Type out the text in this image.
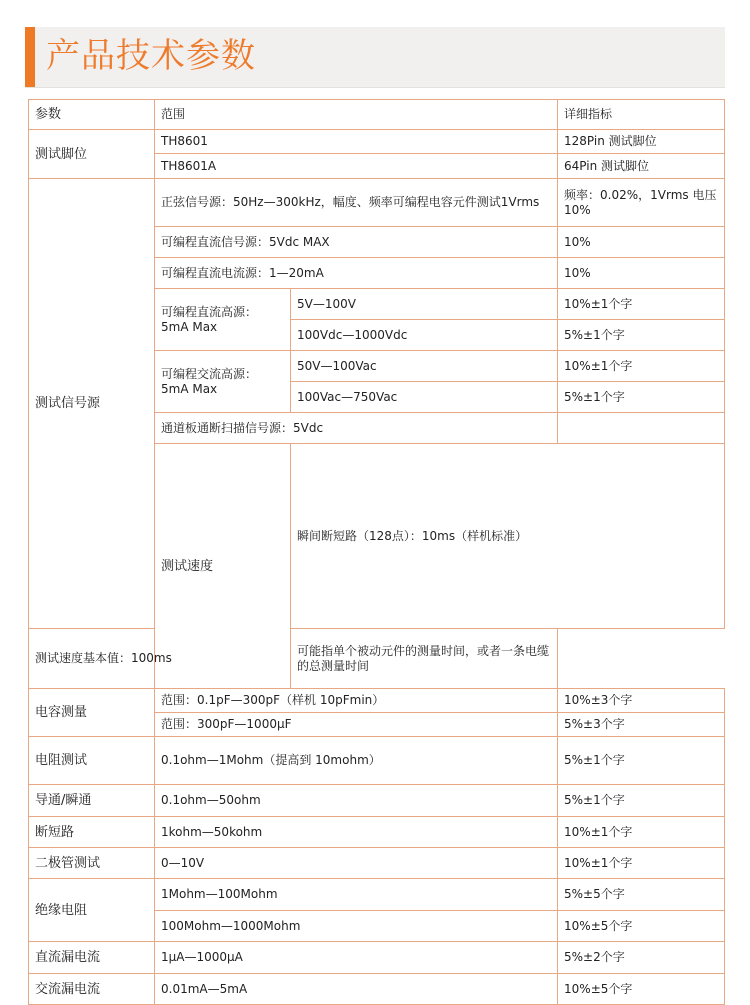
产品技术参数
参数	范围		详细指标	
测试脚位	TH8601		128Pin 测试脚位	
	TH8601A		64Pin 测试脚位	
测试信号源	正弦信号源：50Hz—300kHz，幅度、频率可编程电容元件测试1Vrms		频率：0.02%，1Vrms 电压10%	
	可编程直流信号源：5Vdc MAX		10%	
	可编程直流电流源：1—20mA		10%	
	可编程直流高源：5mA Max	5V—100V	10%±1个字	
		100Vdc—1000Vdc	5%±1个字	
	可编程交流高源：5mA Max	50V—100Vac	10%±1个字	
		100Vac—750Vac	5%±1个字	
	通道板通断扫描信号源：5Vdc			
	测试速度	瞬间断短路（128点）：10ms（样机标准）	
测试速度基本值：100ms		可能指单个被动元件的测量时间，或者一条电缆的总测量时间		
电容测量	范围：0.1pF—300pF（样机 10pFmin）		10%±3个字	
	范围：300pF—1000μF		5%±3个字	
电阻测试	0.1ohm—1Mohm（提高到 10mohm）		5%±1个字	
导通/瞬通	0.1ohm—50ohm		5%±1个字	
断短路	1kohm—50kohm		10%±1个字	
二极管测试	0—10V		10%±1个字	
绝缘电阻	1Mohm—100Mohm		5%±5个字	
	100Mohm—1000Mohm		10%±5个字	
直流漏电流	1μA—1000μA		5%±2个字	
交流漏电流	0.01mA—5mA		10%±5个字	
